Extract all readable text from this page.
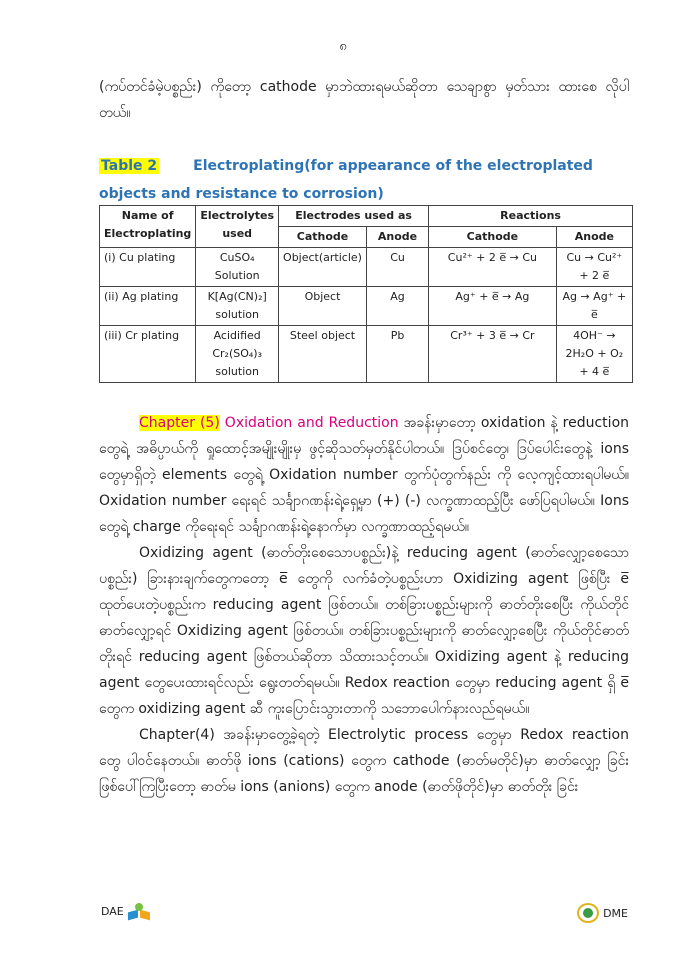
၈
(ကပ်တင်ခံမဲ့ပစ္စည်း) ကိုတော့ cathode မှာဘဲထားရမယ်ဆိုတာ သေချာစွာ မှတ်သား ထားစေ လိုပါတယ်။
Table 2	Electroplating(for appearance of the electroplated objects and resistance to corrosion)
Name of Electroplating	Electrolytes used	Electrodes used as		Reactions	
		Cathode	Anode	Cathode	Anode
(i) Cu plating	CuSO₄ Solution	Object(article)	Cu	Cu²⁺ + 2 e̅ → Cu	Cu → Cu²⁺ + 2 e̅
(ii) Ag plating	K[Ag(CN)₂] solution	Object	Ag	Ag⁺ + e̅ → Ag	Ag → Ag⁺ + e̅
(iii) Cr plating	Acidified Cr₂(SO₄)₃ solution	Steel object	Pb	Cr³⁺ + 3 e̅ → Cr	4OH⁻ → 2H₂O + O₂ + 4 e̅

Chapter (5) Oxidation and Reduction အခန်းမှာတော့ oxidation နဲ့ reduction တွေရဲ့ အဓိပ္ပာယ်ကို ရှုထောင့်အမျိုးမျိုးမှ ဖွင့်ဆိုသတ်မှတ်နိုင်ပါတယ်။ ဒြပ်စင်တွေ၊ ဒြပ်ပေါင်းတွေနဲ့ ions တွေမှာရှိတဲ့ elements တွေရဲ့ Oxidation number တွက်ပုံတွက်နည်း ကို လေ့ကျင့်ထားရပါမယ်။ Oxidation number ရေးရင် သင်္ချာဂဏန်းရဲ့ရှေ့မှာ (+) (-) လက္ခဏာထည့်ပြီး ဖော်ပြရပါမယ်။ Ions တွေရဲ့ charge ကိုရေးရင် သင်္ချာဂဏန်းရဲ့နောက်မှာ လက္ခဏာထည့်ရမယ်။

Oxidizing agent (ဓာတ်တိုးစေသောပစ္စည်း)နဲ့ reducing agent (ဓာတ်လျှော့စေသောပစ္စည်း) ခြားနားချက်တွေကတော့ e̅ တွေကို လက်ခံတဲ့ပစ္စည်းဟာ Oxidizing agent ဖြစ်ပြီး e̅ ထုတ်ပေးတဲ့ပစ္စည်းက reducing agent ဖြစ်တယ်။ တစ်ခြားပစ္စည်းများကို ဓာတ်တိုးစေပြီး ကိုယ်တိုင်ဓာတ်လျှော့ရင် Oxidizing agent ဖြစ်တယ်။ တစ်ခြားပစ္စည်းများကို ဓာတ်လျှော့စေပြီး ကိုယ်တိုင်ဓာတ်တိုးရင် reducing agent ဖြစ်တယ်ဆိုတာ သိထားသင့်တယ်။ Oxidizing agent နဲ့ reducing agent တွေပေးထားရင်လည်း ရွေးတတ်ရမယ်။ Redox reaction တွေမှာ reducing agent ရှိ e̅ တွေက oxidizing agent ဆီ ကူးပြောင်းသွားတာကို သဘောပေါက်နားလည်ရမယ်။

Chapter(4) အခန်းမှာတွေ့ခဲ့ရတဲ့ Electrolytic process တွေမှာ Redox reaction တွေ ပါဝင်နေတယ်။ ဓာတ်ဖို ions (cations) တွေက cathode (ဓာတ်မတိုင်)မှာ ဓာတ်လျှော့ ခြင်း ဖြစ်ပေါ်ကြပြီးတော့ ဓာတ်မ ions (anions) တွေက anode (ဓာတ်ဖိုတိုင်)မှာ ဓာတ်တိုး ခြင်း

DAE	DME
